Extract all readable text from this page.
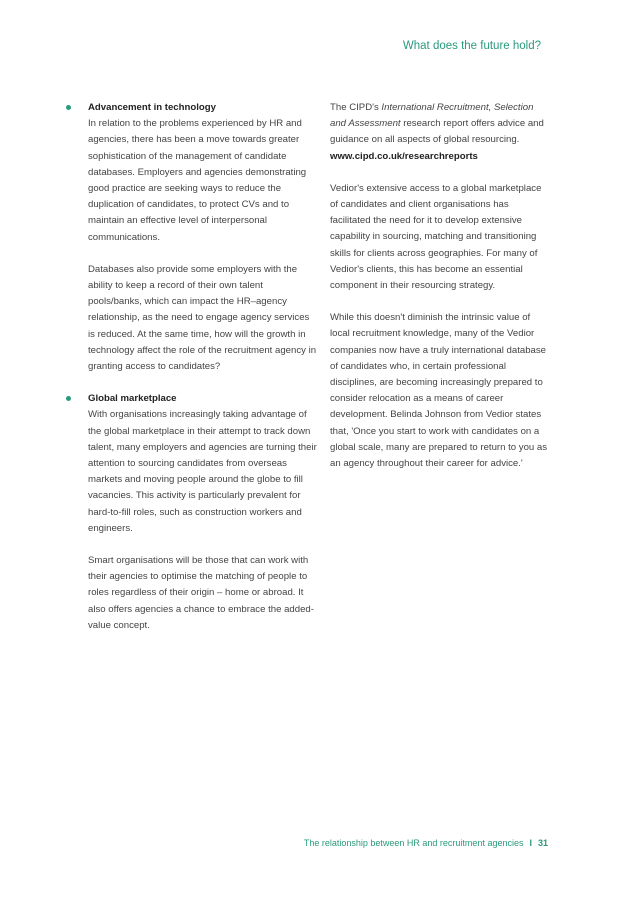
What does the future hold?

Advancement in technology

In relation to the problems experienced by HR and agencies, there has been a move towards greater sophistication of the management of candidate databases. Employers and agencies demonstrating good practice are seeking ways to reduce the duplication of candidates, to protect CVs and to maintain an effective level of interpersonal communications.

Databases also provide some employers with the ability to keep a record of their own talent pools/banks, which can impact the HR–agency relationship, as the need to engage agency services is reduced. At the same time, how will the growth in technology affect the role of the recruitment agency in granting access to candidates?

Global marketplace

With organisations increasingly taking advantage of the global marketplace in their attempt to track down talent, many employers and agencies are turning their attention to sourcing candidates from overseas markets and moving people around the globe to fill vacancies. This activity is particularly prevalent for hard-to-fill roles, such as construction workers and engineers.

Smart organisations will be those that can work with their agencies to optimise the matching of people to roles regardless of their origin – home or abroad. It also offers agencies a chance to embrace the added- value concept.

The CIPD's International Recruitment, Selection and Assessment research report offers advice and guidance on all aspects of global resourcing.

www.cipd.co.uk/researchreports

Vedior's extensive access to a global marketplace of candidates and client organisations has facilitated the need for it to develop extensive capability in sourcing, matching and transitioning skills for clients across geographies. For many of Vedior's clients, this has become an essential component in their resourcing strategy.

While this doesn't diminish the intrinsic value of local recruitment knowledge, many of the Vedior companies now have a truly international database of candidates who, in certain professional disciplines, are becoming increasingly prepared to consider relocation as a means of career development. Belinda Johnson from Vedior states that, 'Once you start to work with candidates on a global scale, many are prepared to return to you as an agency throughout their career for advice.'

The relationship between HR and recruitment agencies I 31
